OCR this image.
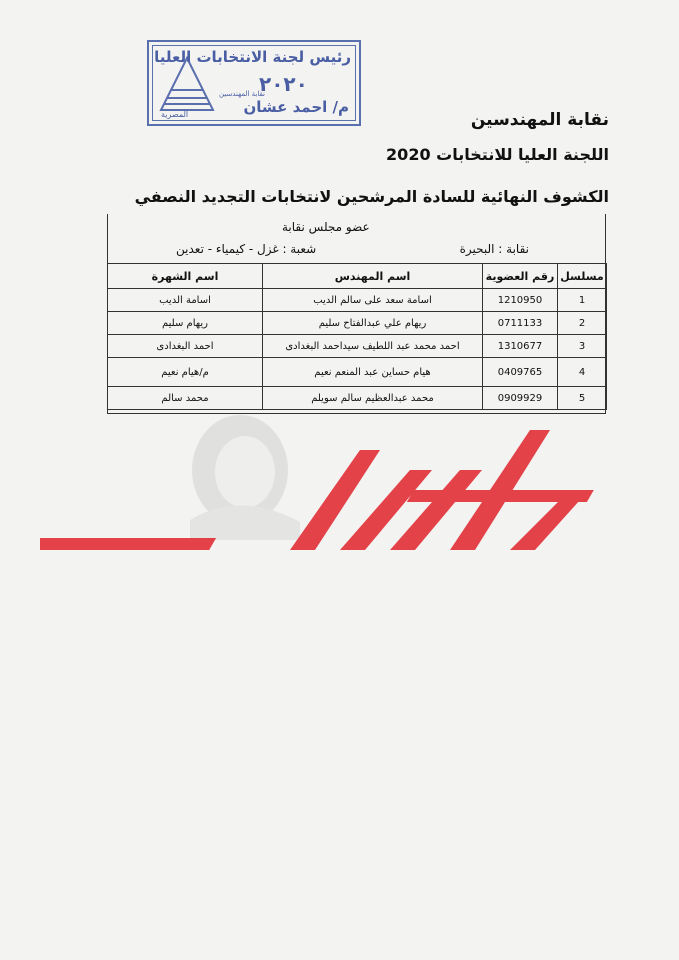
رئيس لجنة الانتخابات العليا
٢٠٢٠
نقابة المهندسين
م/ احمد عشان
المصرية	نقابة المهندسين
اللجنة العليا للانتخابات 2020
الكشوف النهائية للسادة المرشحين لانتخابات التجديد النصفي
عضو مجلس نقابة
نقابة : البحيرة
شعبة : غزل - كيمياء - تعدين
مسلسل	رقم العضوية	اسم المهندس	اسم الشهرة
1	1210950	اسامة سعد على سالم الديب	اسامة الديب
2	0711133	ريهام علي عبدالفتاح سليم	ريهام سليم
3	1310677	احمد محمد عبد اللطيف سيداحمد البغدادى	احمد البغدادى
4	0409765	هيام حساين عبد المنعم نعيم	م/هيام نعيم
5	0909929	محمد عبدالعظيم سالم سويلم	محمد سالم
